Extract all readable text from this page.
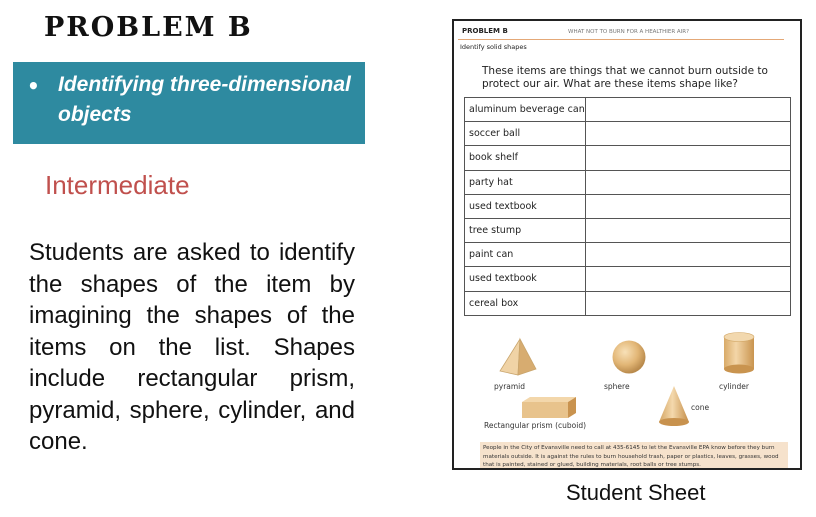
PROBLEM B
• Identifying three-dimensional objects
Intermediate
Students are asked to identify the shapes of the item by imagining the shapes of the items on the list. Shapes include rectangular prism, pyramid, sphere, cylinder, and cone.
PROBLEM B	WHAT NOT TO BURN FOR A HEALTHIER AIR?
Identify solid shapes
These items are things that we cannot burn outside to protect our air. What are these items shape like?
aluminum beverage can	
soccer ball	
book shelf	
party hat	
used textbook	
tree stump	
paint can	
used textbook	
cereal box	
pyramid	sphere	cylinder
Rectangular prism (cuboid)
cone
People in the City of Evansville need to call at 435-6145 to let the Evansville EPA know before they burn materials outside. It is against the rules to burn household trash, paper or plastics, leaves, grasses, wood that is painted, stained or glued, building materials, root balls or tree stumps.
Student Sheet
